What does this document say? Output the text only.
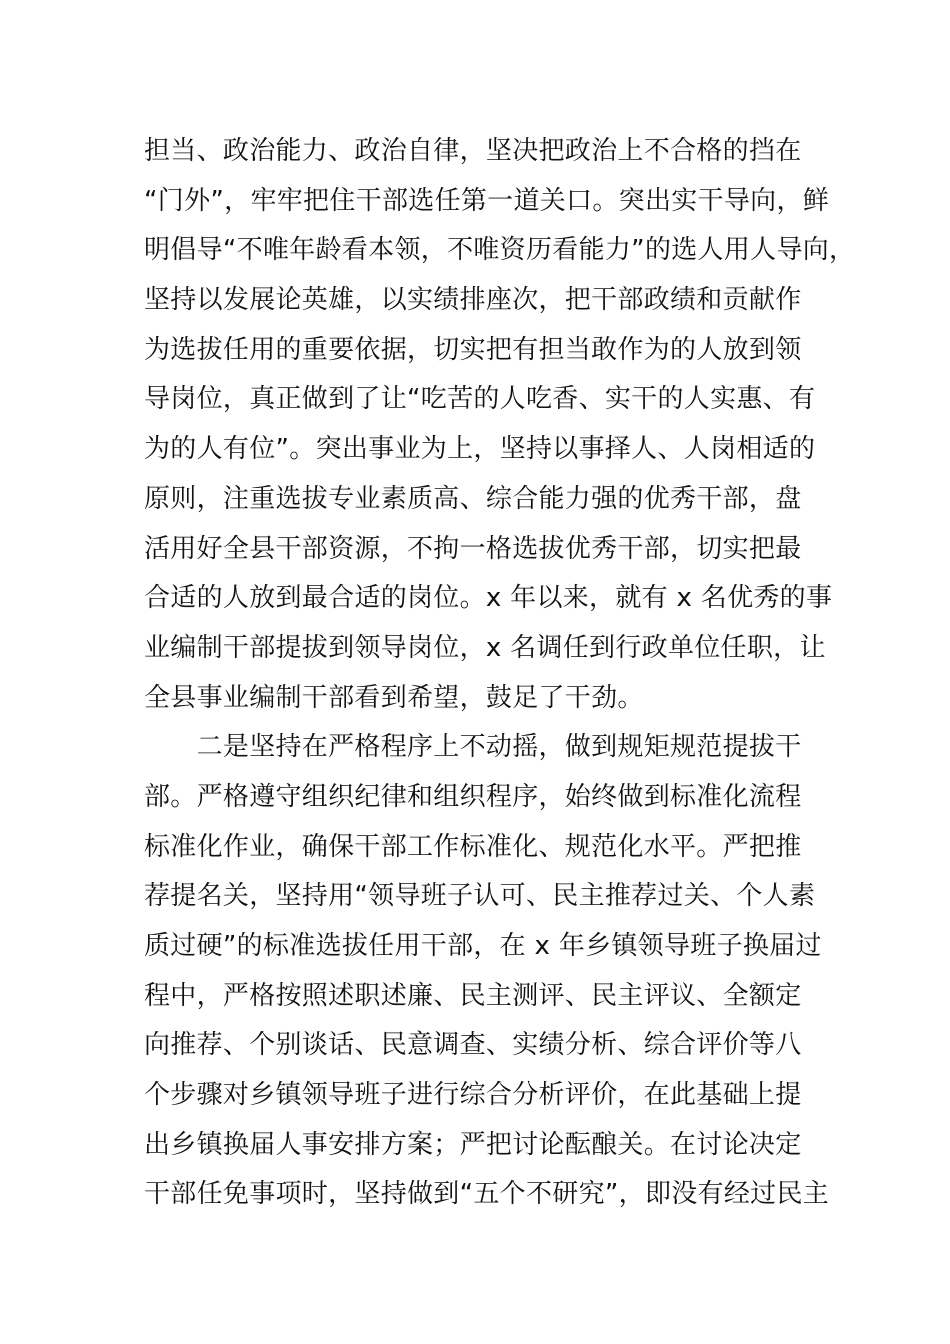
担当、政治能力、政治自律，坚决把政治上不合格的挡在
“门外”，牢牢把住干部选任第一道关口。突出实干导向，鲜
明倡导“不唯年龄看本领，不唯资历看能力”的选人用人导向，
坚持以发展论英雄，以实绩排座次，把干部政绩和贡献作
为选拔任用的重要依据，切实把有担当敢作为的人放到领
导岗位，真正做到了让“吃苦的人吃香、实干的人实惠、有
为的人有位”。突出事业为上，坚持以事择人、人岗相适的
原则，注重选拔专业素质高、综合能力强的优秀干部，盘
活用好全县干部资源，不拘一格选拔优秀干部，切实把最
合适的人放到最合适的岗位。x 年以来，就有 x 名优秀的事
业编制干部提拔到领导岗位，x 名调任到行政单位任职，让
全县事业编制干部看到希望，鼓足了干劲。
　　二是坚持在严格程序上不动摇，做到规矩规范提拔干
部。严格遵守组织纪律和组织程序，始终做到标准化流程
标准化作业，确保干部工作标准化、规范化水平。严把推
荐提名关，坚持用“领导班子认可、民主推荐过关、个人素
质过硬”的标准选拔任用干部，在 x 年乡镇领导班子换届过
程中，严格按照述职述廉、民主测评、民主评议、全额定
向推荐、个别谈话、民意调查、实绩分析、综合评价等八
个步骤对乡镇领导班子进行综合分析评价，在此基础上提
出乡镇换届人事安排方案；严把讨论酝酿关。在讨论决定
干部任免事项时，坚持做到“五个不研究”，即没有经过民主
